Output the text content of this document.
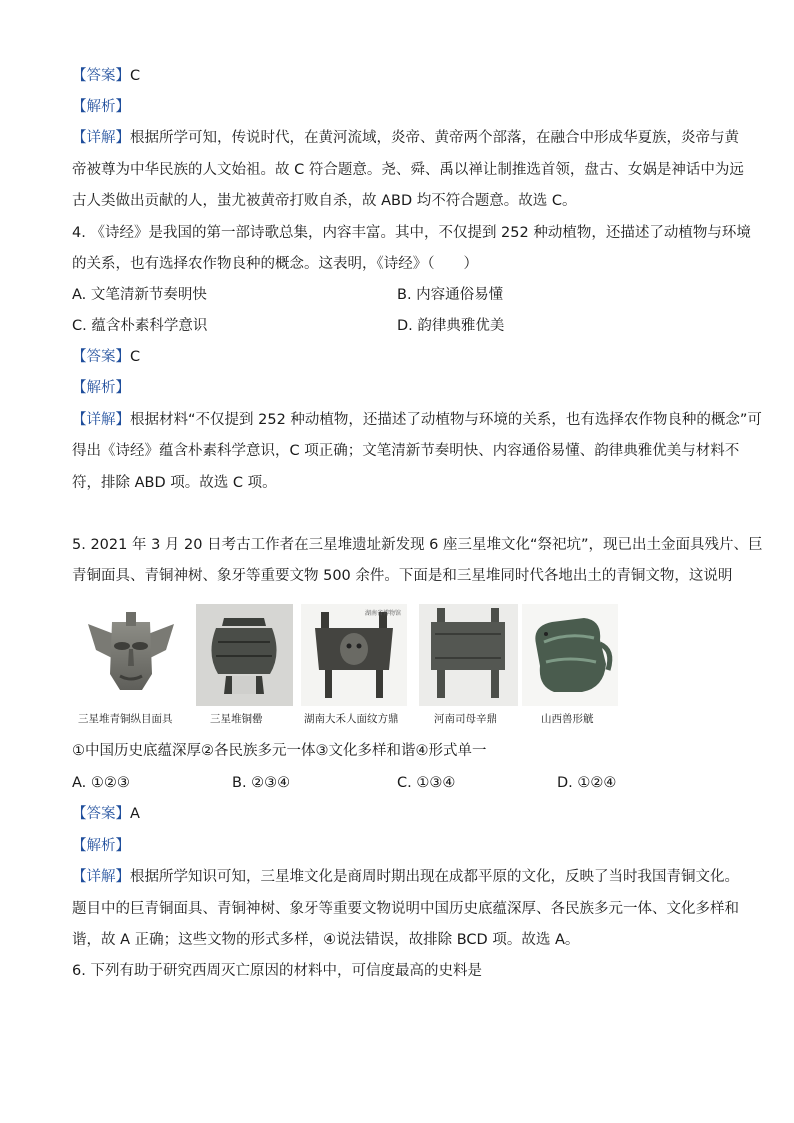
【答案】C
【解析】
【详解】根据所学可知，传说时代，在黄河流域，炎帝、黄帝两个部落，在融合中形成华夏族，炎帝与黄
帝被尊为中华民族的人文始祖。故 C 符合题意。尧、舜、禹以禅让制推选首领，盘古、女娲是神话中为远
古人类做出贡献的人，蚩尤被黄帝打败自杀，故 ABD 均不符合题意。故选 C。
4. 《诗经》是我国的第一部诗歌总集，内容丰富。其中，不仅提到 252 种动植物，还描述了动植物与环境
的关系，也有选择农作物良种的概念。这表明，《诗经》（　　）
A. 文笔清新节奏明快	B. 内容通俗易懂
C. 蕴含朴素科学意识	D. 韵律典雅优美
【答案】C
【解析】
【详解】根据材料“不仅提到 252 种动植物，还描述了动植物与环境的关系，也有选择农作物良种的概念”可
得出《诗经》蕴含朴素科学意识，C 项正确；文笔清新节奏明快、内容通俗易懂、韵律典雅优美与材料不
符，排除 ABD 项。故选 C 项。
5. 2021 年 3 月 20 日考古工作者在三星堆遗址新发现 6 座三星堆文化“祭祀坑”，现已出土金面具残片、巨
青铜面具、青铜神树、象牙等重要文物 500 余件。下面是和三星堆同时代各地出土的青铜文物，这说明
湖南省博物馆
三星堆青铜纵目面具	三星堆铜罍	湖南大禾人面纹方鼎	河南司母辛鼎	山西兽形觥
①中国历史底蕴深厚②各民族多元一体③文化多样和谐④形式单一
A. ①②③	B. ②③④	C. ①③④	D. ①②④
【答案】A
【解析】
【详解】根据所学知识可知，三星堆文化是商周时期出现在成都平原的文化，反映了当时我国青铜文化。
题目中的巨青铜面具、青铜神树、象牙等重要文物说明中国历史底蕴深厚、各民族多元一体、文化多样和
谐，故 A 正确；这些文物的形式多样，④说法错误，故排除 BCD 项。故选 A。
6. 下列有助于研究西周灭亡原因的材料中，可信度最高的史料是
